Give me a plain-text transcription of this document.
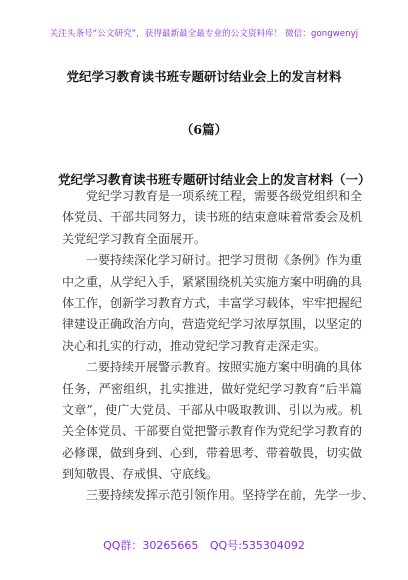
关注头条号“公文研究”，获得最新最全最专业的公文资料库！ 微信：gongwenyj
党纪学习教育读书班专题研讨结业会上的发言材料
（6篇）
党纪学习教育读书班专题研讨结业会上的发言材料（一）
党纪学习教育是一项系统工程，需要各级党组织和全
体党员、干部共同努力，读书班的结束意味着常委会及机
关党纪学习教育全面展开。
一要持续深化学习研讨。把学习贯彻《条例》作为重
中之重，从学纪入手，紧紧围绕机关实施方案中明确的具
体工作，创新学习教育方式，丰富学习载体，牢牢把握纪
律建设正确政治方向，营造党纪学习浓厚氛围，以坚定的
决心和扎实的行动，推动党纪学习教育走深走实。
二要持续开展警示教育。按照实施方案中明确的具体
任务，严密组织，扎实推进，做好党纪学习教育“后半篇
文章”，使广大党员、干部从中吸取教训、引以为戒。机
关全体党员、干部要自觉把警示教育作为党纪学习教育的
必修课，做到身到、心到，带着思考、带着敬畏，切实做
到知敬畏、存戒惧、守底线。
三要持续发挥示范引领作用。坚持学在前，先学一步、
QQ群：30265665 QQ号:535304092
